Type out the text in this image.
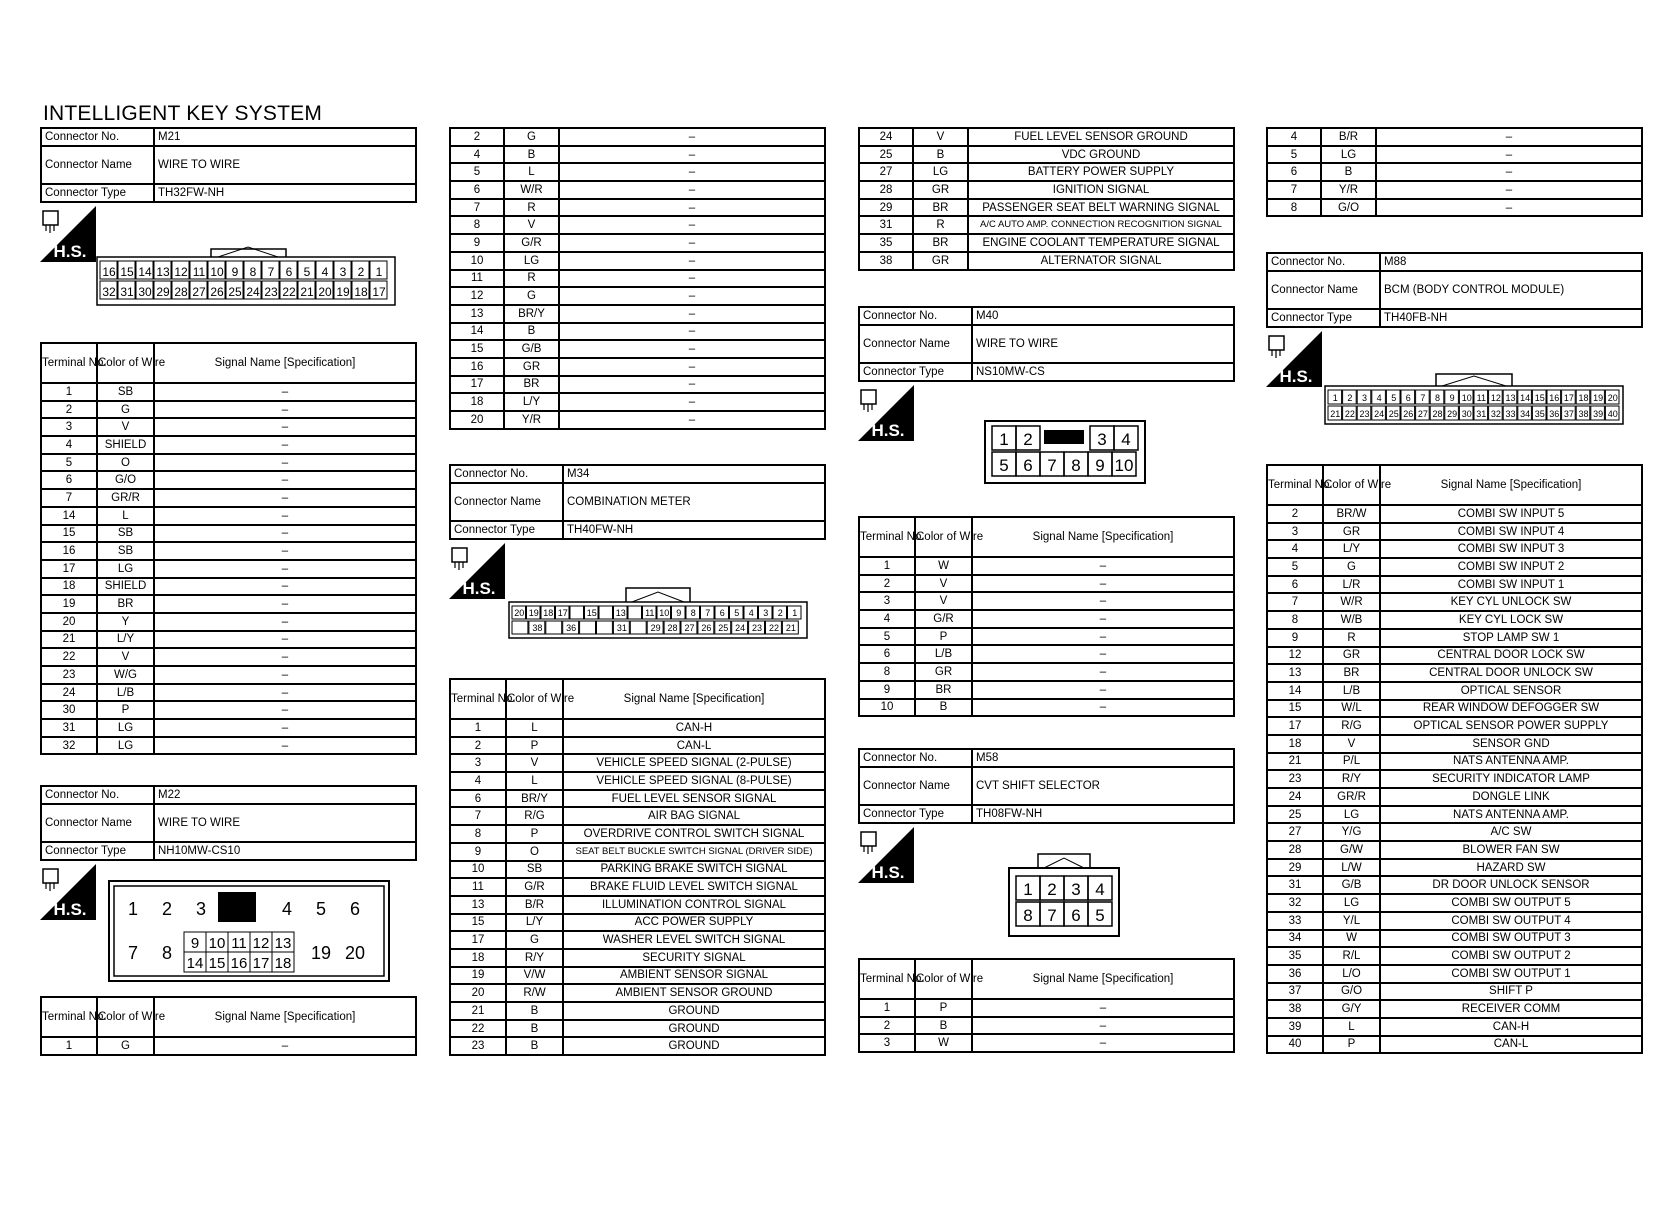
INTELLIGENT KEY SYSTEM
Connector No.	M21
Connector Name	WIRE TO WIRE
Connector Type	TH32FW-NH
H.S.
16 15 14 13 12 11 10 9 8 7 6 5 4 3 2 1
32 31 30 29 28 27 26 25 24 23 22 21 20 19 18 17
Terminal No.	Color of Wire	Signal Name [Specification]
1	SB	–
2	G	–
3	V	–
4	SHIELD	–
5	O	–
6	G/O	–
7	GR/R	–
14	L	–
15	SB	–
16	SB	–
17	LG	–
18	SHIELD	–
19	BR	–
20	Y	–
21	L/Y	–
22	V	–
23	W/G	–
24	L/B	–
30	P	–
31	LG	–
32	LG	–
Connector No.	M22
Connector Name	WIRE TO WIRE
Connector Type	NH10MW-CS10
H.S. 1 2 3	4 5 6
7 8 9 10 11 12 13
14 15 16 17 18
19 20
Terminal No.	Color of Wire	Signal Name [Specification]
1	G	–
2	G	–
4	B	–
5	L	–
6	W/R	–
7	R	–
8	V	–
9	G/R	–
10	LG	–
11	R	–
12	G	–
13	BR/Y	–
14	B	–
15	G/B	–
16	GR	–
17	BR	–
18	L/Y	–
20	Y/R	–
Connector No.	M34
Connector Name	COMBINATION METER
Connector Type	TH40FW-NH
H.S.
20 19 18 17 15 13 11 10 9 8 7 6 5 4 3 2 1
38	36	31	29 28 27 26 25 24 23 22 21
Terminal No.	Color of Wire	Signal Name [Specification]
1	L	CAN-H
2	P	CAN-L
3	V	VEHICLE SPEED SIGNAL (2-PULSE)
4	L	VEHICLE SPEED SIGNAL (8-PULSE)
6	BR/Y	FUEL LEVEL SENSOR SIGNAL
7	R/G	AIR BAG SIGNAL
8	P	OVERDRIVE CONTROL SWITCH SIGNAL
9	O	SEAT BELT BUCKLE SWITCH SIGNAL (DRIVER SIDE)
10	SB	PARKING BRAKE SWITCH SIGNAL
11	G/R	BRAKE FLUID LEVEL SWITCH SIGNAL
13	B/R	ILLUMINATION CONTROL SIGNAL
15	L/Y	ACC POWER SUPPLY
17	G	WASHER LEVEL SWITCH SIGNAL
18	R/Y	SECURITY SIGNAL
19	V/W	AMBIENT SENSOR SIGNAL
20	R/W	AMBIENT SENSOR GROUND
21	B	GROUND
22	B	GROUND
23	B	GROUND
24	V	FUEL LEVEL SENSOR GROUND
25	B	VDC GROUND
27	LG	BATTERY POWER SUPPLY
28	GR	IGNITION SIGNAL
29	BR	PASSENGER SEAT BELT WARNING SIGNAL
31	R	A/C AUTO AMP. CONNECTION RECOGNITION SIGNAL
35	BR	ENGINE COOLANT TEMPERATURE SIGNAL
38	GR	ALTERNATOR SIGNAL
Connector No.	M40
Connector Name	WIRE TO WIRE
Connector Type	NS10MW-CS
H.S.	1 2	3 4
5 6 7 8 9 10
Terminal No.	Color of Wire	Signal Name [Specification]
1	W	–
2	V	–
3	V	–
4	G/R	–
5	P	–
6	L/B	–
8	GR	–
9	BR	–
10	B	–
Connector No.	M58
Connector Name	CVT SHIFT SELECTOR
Connector Type	TH08FW-NH
H.S.
1 2 3 4
8 7 6 5
Terminal No.	Color of Wire	Signal Name [Specification]
1	P	–
2	B	–
3	W	–
4	B/R	–
5	LG	–
6	B	–
7	Y/R	–
8	G/O	–
Connector No.	M88
Connector Name	BCM (BODY CONTROL MODULE)
Connector Type	TH40FB-NH
H.S.
1 2 3 4 5 6 7 8 9 10 11 12 13 14 15 16 17 18 19 20
21 22 23 24 25 26 27 28 29 30 31 32 33 34 35 36 37 38 39 40
Terminal No.	Color of Wire	Signal Name [Specification]
2	BR/W	COMBI SW INPUT 5
3	GR	COMBI SW INPUT 4
4	L/Y	COMBI SW INPUT 3
5	G	COMBI SW INPUT 2
6	L/R	COMBI SW INPUT 1
7	W/R	KEY CYL UNLOCK SW
8	W/B	KEY CYL LOCK SW
9	R	STOP LAMP SW 1
12	GR	CENTRAL DOOR LOCK SW
13	BR	CENTRAL DOOR UNLOCK SW
14	L/B	OPTICAL SENSOR
15	W/L	REAR WINDOW DEFOGGER SW
17	R/G	OPTICAL SENSOR POWER SUPPLY
18	V	SENSOR GND
21	P/L	NATS ANTENNA AMP.
23	R/Y	SECURITY INDICATOR LAMP
24	GR/R	DONGLE LINK
25	LG	NATS ANTENNA AMP.
27	Y/G	A/C SW
28	G/W	BLOWER FAN SW
29	L/W	HAZARD SW
31	G/B	DR DOOR UNLOCK SENSOR
32	LG	COMBI SW OUTPUT 5
33	Y/L	COMBI SW OUTPUT 4
34	W	COMBI SW OUTPUT 3
35	R/L	COMBI SW OUTPUT 2
36	L/O	COMBI SW OUTPUT 1
37	G/O	SHIFT P
38	G/Y	RECEIVER COMM
39	L	CAN-H
40	P	CAN-L
